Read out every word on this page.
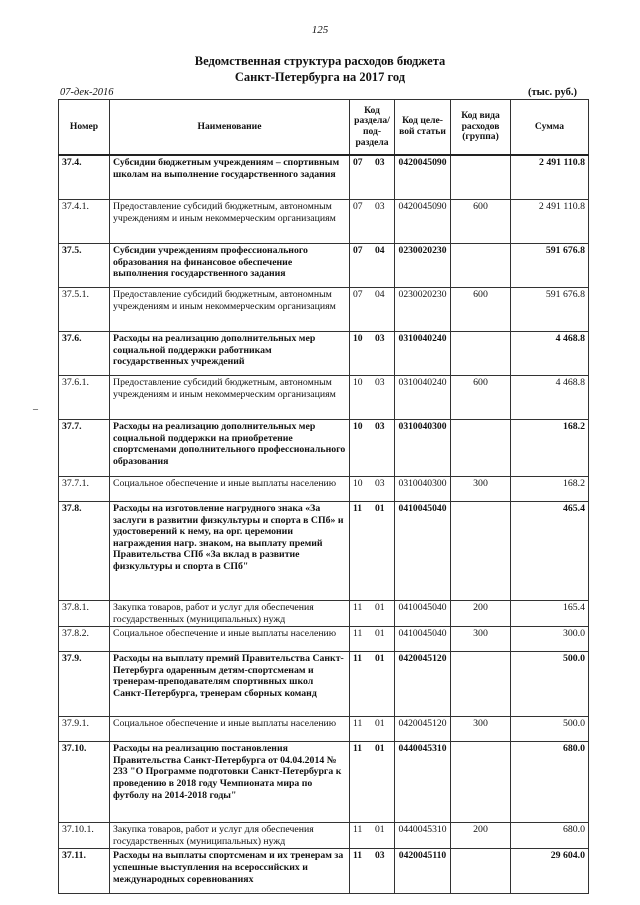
125
Ведомственная структура расходов бюджета
Санкт-Петербурга на 2017 год
07-дек-2016	(тыс. руб.)
–
Номер	Наименование	Код раздела/ под- раздела	Код целе- вой статьи	Код вида расходов (группа)	Сумма
37.4.	Субсидии бюджетным учреждениям – спортивным школам на выполнение государственного задания	07 03	0420045090		2 491 110.8
37.4.1.	Предоставление субсидий бюджетным, автономным учреждениям и иным некоммерческим организациям	07 03	0420045090	600	2 491 110.8
37.5.	Субсидии учреждениям профессионального образования на финансовое обеспечение выполнения государственного задания	07 04	0230020230		591 676.8
37.5.1.	Предоставление субсидий бюджетным, автономным учреждениям и иным некоммерческим организациям	07 04	0230020230	600	591 676.8
37.6.	Расходы на реализацию дополнительных мер социальной поддержки работникам государственных учреждений	10 03	0310040240		4 468.8
37.6.1.	Предоставление субсидий бюджетным, автономным учреждениям и иным некоммерческим организациям	10 03	0310040240	600	4 468.8
37.7.	Расходы на реализацию дополнительных мер социальной поддержки на приобретение спортсменами дополнительного профессионального образования	10 03	0310040300		168.2
37.7.1.	Социальное обеспечение и иные выплаты населению	10 03	0310040300	300	168.2
37.8.	Расходы на изготовление нагрудного знака «За заслуги в развитии физкультуры и спорта в СПб» и удостоверений к нему, на орг. церемонии награждения нагр. знаком, на выплату премий Правительства СПб «За вклад в развитие физкультуры и спорта в СПб"	11 01	0410045040		465.4
37.8.1.	Закупка товаров, работ и услуг для обеспечения государственных (муниципальных) нужд	11 01	0410045040	200	165.4
37.8.2.	Социальное обеспечение и иные выплаты населению	11 01	0410045040	300	300.0
37.9.	Расходы на выплату премий Правительства Санкт-Петербурга одаренным детям-спортсменам и тренерам-преподавателям спортивных школ Санкт-Петербурга, тренерам сборных команд	11 01	0420045120		500.0
37.9.1.	Социальное обеспечение и иные выплаты населению	11 01	0420045120	300	500.0
37.10.	Расходы на реализацию постановления Правительства Санкт-Петербурга от 04.04.2014 № 233 "О Программе подготовки Санкт-Петербурга к проведению в 2018 году Чемпионата мира по футболу на 2014-2018 годы"	11 01	0440045310		680.0
37.10.1.	Закупка товаров, работ и услуг для обеспечения государственных (муниципальных) нужд	11 01	0440045310	200	680.0
37.11.	Расходы на выплаты спортсменам и их тренерам за успешные выступления на всероссийских и международных соревнованиях	11 03	0420045110		29 604.0
